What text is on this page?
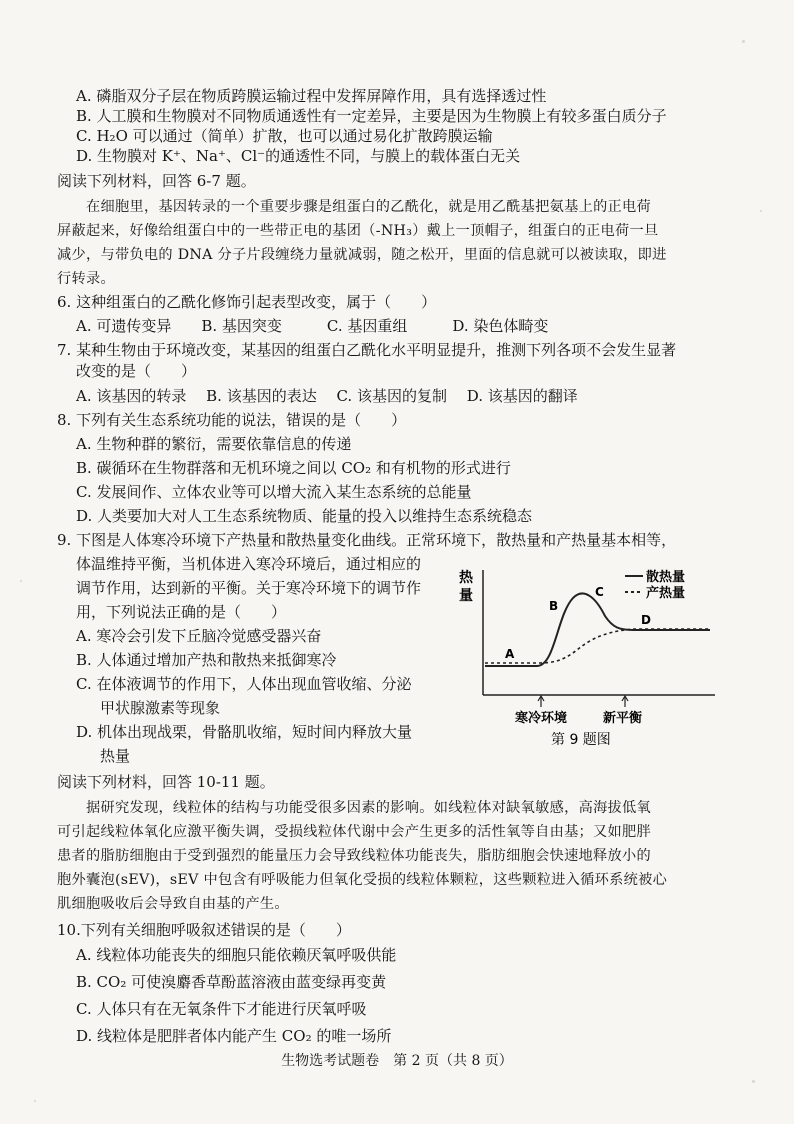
A. 磷脂双分子层在物质跨膜运输过程中发挥屏障作用，具有选择透过性
B. 人工膜和生物膜对不同物质通透性有一定差异，主要是因为生物膜上有较多蛋白质分子
C. H₂O 可以通过（简单）扩散，也可以通过易化扩散跨膜运输
D. 生物膜对 K⁺、Na⁺、Cl⁻的通透性不同，与膜上的载体蛋白无关
阅读下列材料，回答 6-7 题。
在细胞里，基因转录的一个重要步骤是组蛋白的乙酰化，就是用乙酰基把氨基上的正电荷
屏蔽起来，好像给组蛋白中的一些带正电的基团（-NH₃）戴上一顶帽子，组蛋白的正电荷一旦
减少，与带负电的 DNA 分子片段缠绕力量就减弱，随之松开，里面的信息就可以被读取，即进
行转录。
6. 这种组蛋白的乙酰化修饰引起表型改变，属于（　　）
A. 可遗传变异　　B. 基因突变　　　C. 基因重组　　　D. 染色体畸变
7. 某种生物由于环境改变，某基因的组蛋白乙酰化水平明显提升，推测下列各项不会发生显著
改变的是（　　）
A. 该基因的转录　 B. 该基因的表达　 C. 该基因的复制　 D. 该基因的翻译
8. 下列有关生态系统功能的说法，错误的是（　　）
A. 生物种群的繁衍，需要依靠信息的传递
B. 碳循环在生物群落和无机环境之间以 CO₂ 和有机物的形式进行
C. 发展间作、立体农业等可以增大流入某生态系统的总能量
D. 人类要加大对人工生态系统物质、能量的投入以维持生态系统稳态
9. 下图是人体寒冷环境下产热量和散热量变化曲线。正常环境下，散热量和产热量基本相等，
体温维持平衡，当机体进入寒冷环境后，通过相应的
调节作用，达到新的平衡。关于寒冷环境下的调节作
用，下列说法正确的是（　　）
A. 寒冷会引发下丘脑冷觉感受器兴奋
B. 人体通过增加产热和散热来抵御寒冷
C. 在体液调节的作用下，人体出现血管收缩、分泌
甲状腺激素等现象
D. 机体出现战栗，骨骼肌收缩，短时间内释放大量
热量
热
量
散热量
产热量
A
B
C
D
寒冷环境	新平衡
第 9 题图
阅读下列材料，回答 10-11 题。
据研究发现，线粒体的结构与功能受很多因素的影响。如线粒体对缺氧敏感，高海拔低氧
可引起线粒体氧化应激平衡失调，受损线粒体代谢中会产生更多的活性氧等自由基；又如肥胖
患者的脂肪细胞由于受到强烈的能量压力会导致线粒体功能丧失，脂肪细胞会快速地释放小的
胞外囊泡(sEV)，sEV 中包含有呼吸能力但氧化受损的线粒体颗粒，这些颗粒进入循环系统被心
肌细胞吸收后会导致自由基的产生。
10.下列有关细胞呼吸叙述错误的是（　　）
A. 线粒体功能丧失的细胞只能依赖厌氧呼吸供能
B. CO₂ 可使溴麝香草酚蓝溶液由蓝变绿再变黄
C. 人体只有在无氧条件下才能进行厌氧呼吸
D. 线粒体是肥胖者体内能产生 CO₂ 的唯一场所
生物选考试题卷　第 2 页（共 8 页）
